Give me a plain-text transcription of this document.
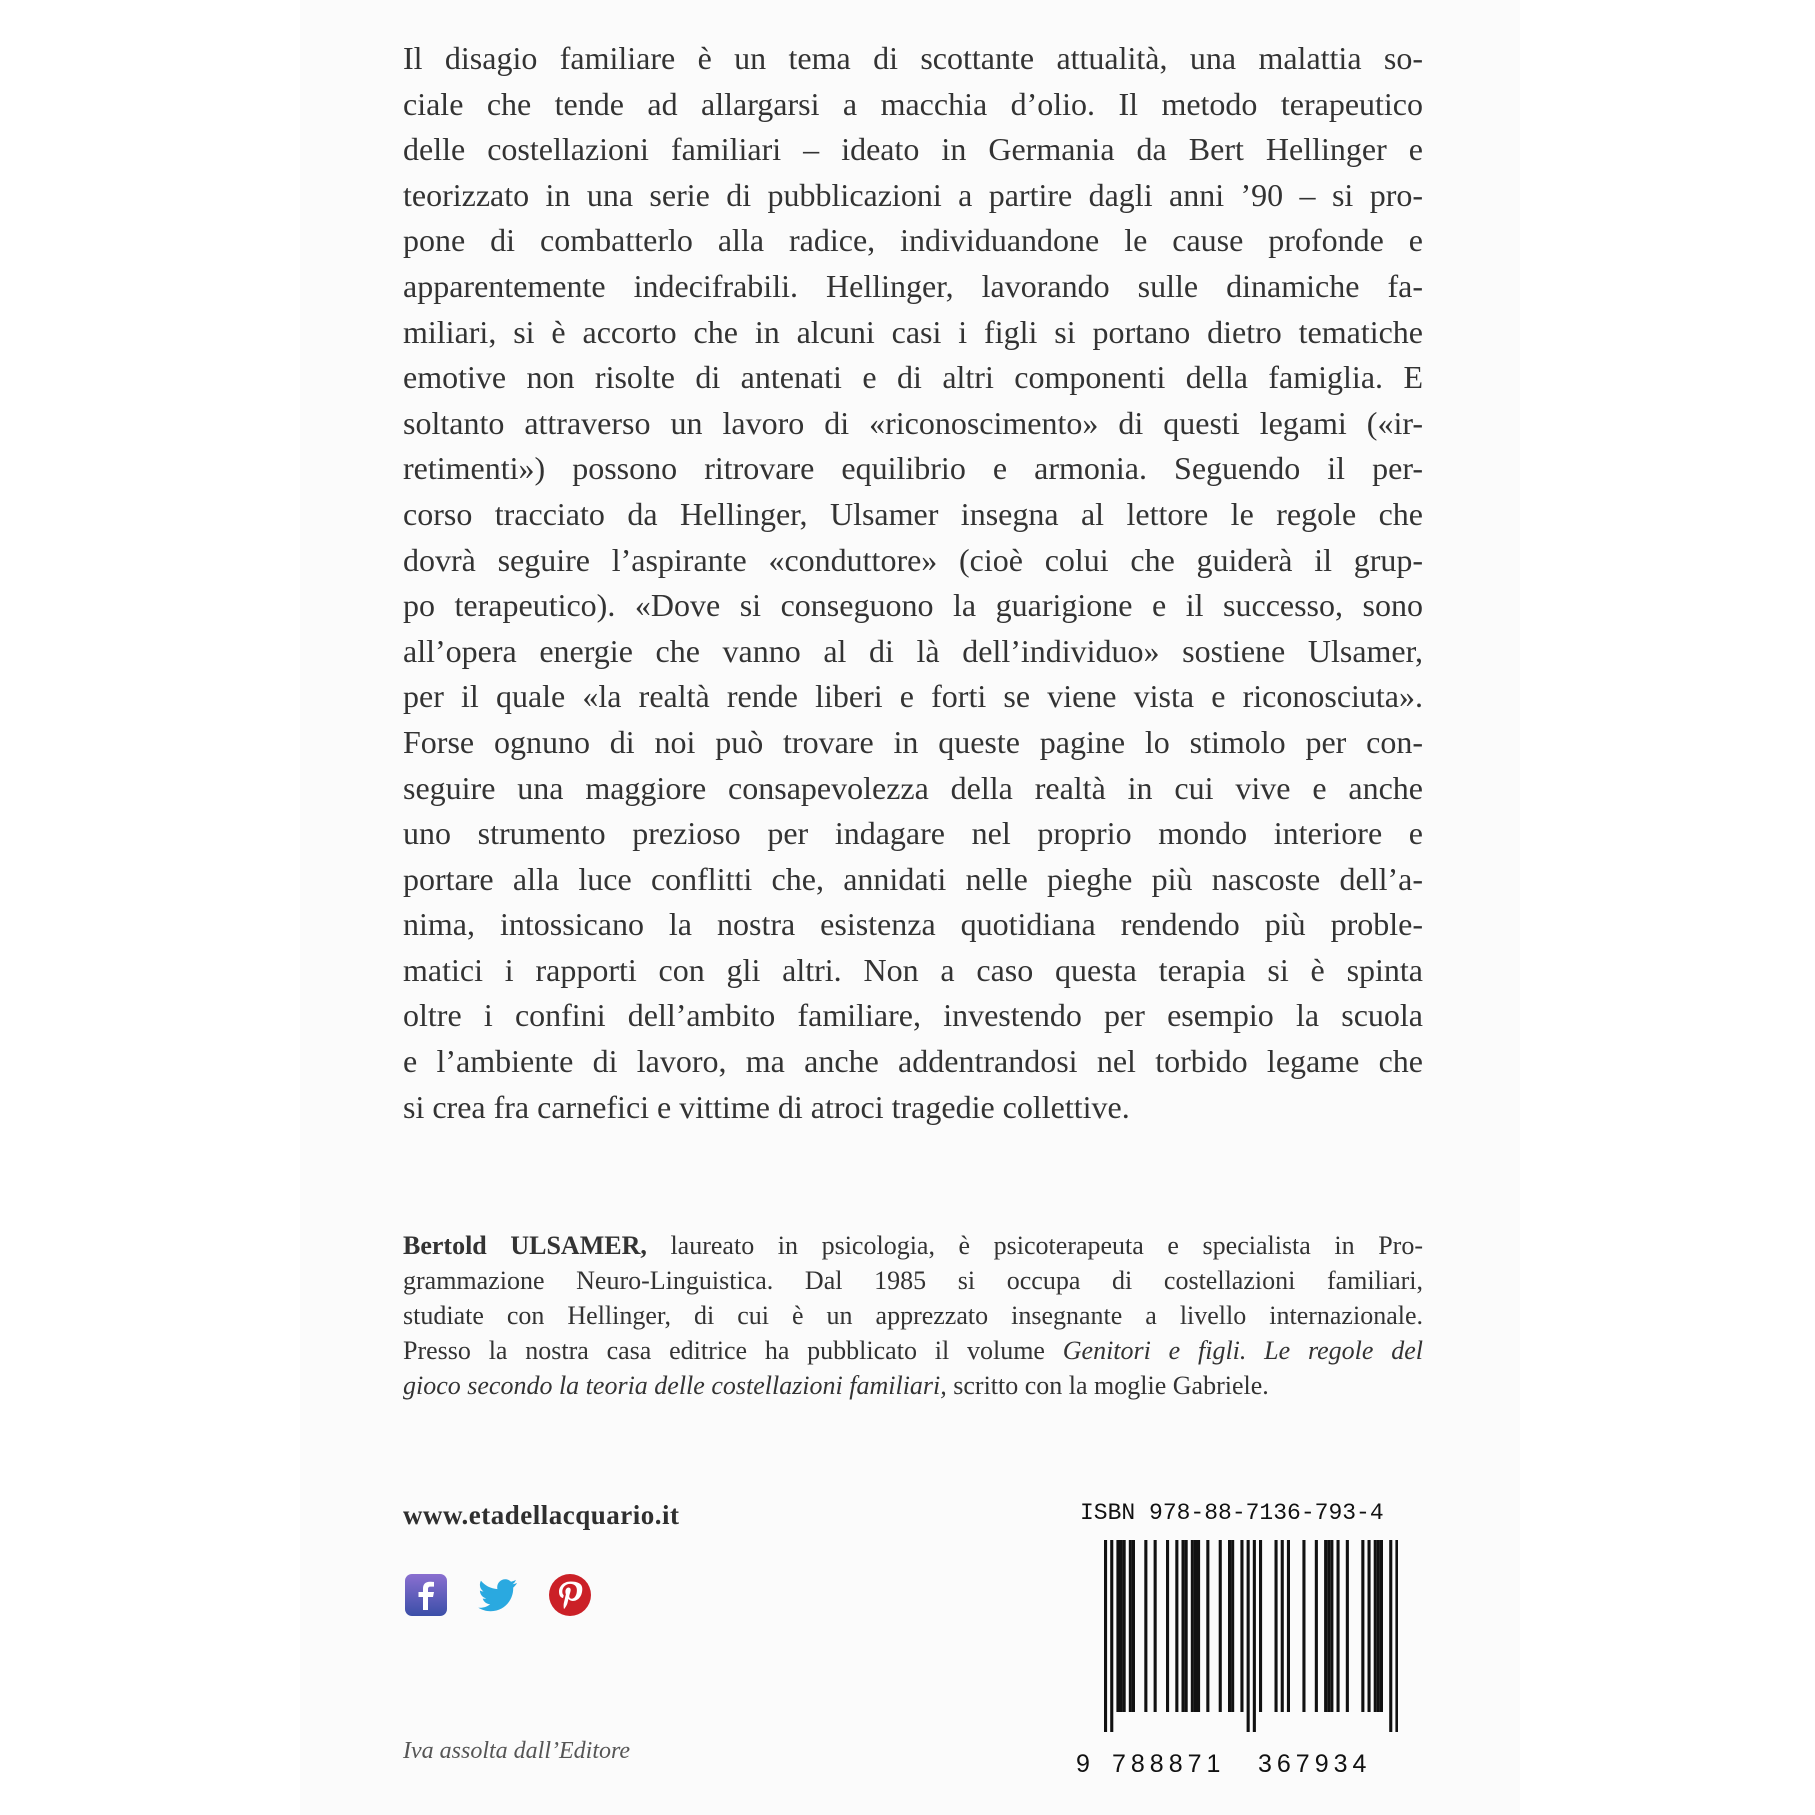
Il disagio familiare è un tema di scottante attualità, una malattia so-
ciale che tende ad allargarsi a macchia d’olio. Il metodo terapeutico
delle costellazioni familiari – ideato in Germania da Bert Hellinger e
teorizzato in una serie di pubblicazioni a partire dagli anni ’90 – si pro-
pone di combatterlo alla radice, individuandone le cause profonde e
apparentemente indecifrabili. Hellinger, lavorando sulle dinamiche fa-
miliari, si è accorto che in alcuni casi i figli si portano dietro tematiche
emotive non risolte di antenati e di altri componenti della famiglia. E
soltanto attraverso un lavoro di «riconoscimento» di questi legami («ir-
retimenti») possono ritrovare equilibrio e armonia. Seguendo il per-
corso tracciato da Hellinger, Ulsamer insegna al lettore le regole che
dovrà seguire l’aspirante «conduttore» (cioè colui che guiderà il grup-
po terapeutico). «Dove si conseguono la guarigione e il successo, sono
all’opera energie che vanno al di là dell’individuo» sostiene Ulsamer,
per il quale «la realtà rende liberi e forti se viene vista e riconosciuta».
Forse ognuno di noi può trovare in queste pagine lo stimolo per con-
seguire una maggiore consapevolezza della realtà in cui vive e anche
uno strumento prezioso per indagare nel proprio mondo interiore e
portare alla luce conflitti che, annidati nelle pieghe più nascoste dell’a-
nima, intossicano la nostra esistenza quotidiana rendendo più proble-
matici i rapporti con gli altri. Non a caso questa terapia si è spinta
oltre i confini dell’ambito familiare, investendo per esempio la scuola
e l’ambiente di lavoro, ma anche addentrandosi nel torbido legame che
si crea fra carnefici e vittime di atroci tragedie collettive.
Bertold ULSAMER, laureato in psicologia, è psicoterapeuta e specialista in Pro-
grammazione Neuro-Linguistica. Dal 1985 si occupa di costellazioni familiari,
studiate con Hellinger, di cui è un apprezzato insegnante a livello internazionale.
Presso la nostra casa editrice ha pubblicato il volume Genitori e figli. Le regole del
gioco secondo la teoria delle costellazioni familiari, scritto con la moglie Gabriele.
www.etadellacquario.it
Iva assolta dall’Editore
ISBN 978-88-7136-793-4
9 788871 367934
